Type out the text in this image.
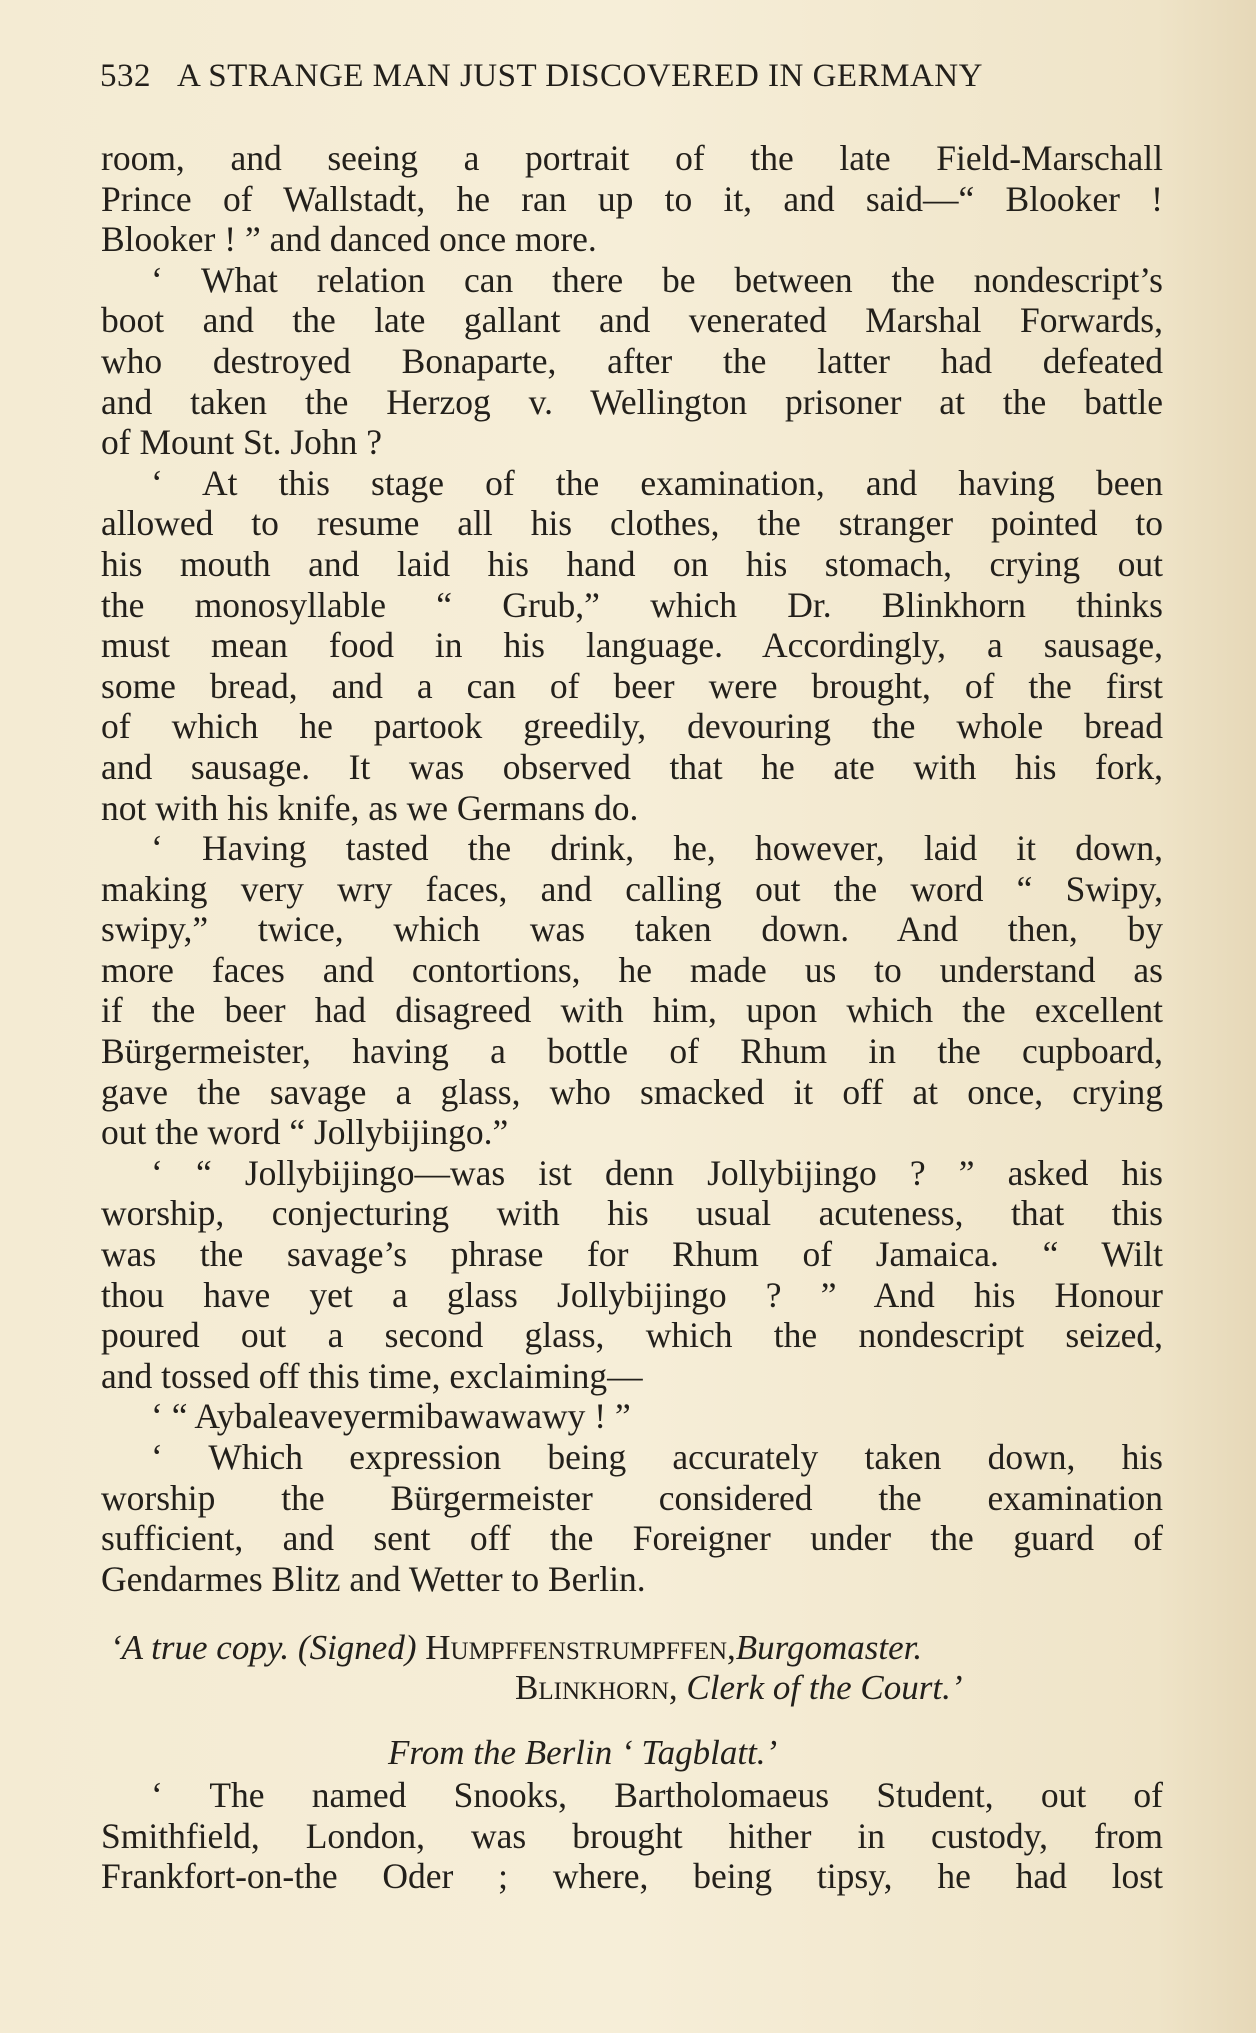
532 A STRANGE MAN JUST DISCOVERED IN GERMANY
room, and seeing a portrait of the late Field-Marschall
Prince of Wallstadt, he ran up to it, and said—“ Blooker !
Blooker ! ” and danced once more.
‘ What relation can there be between the nondescript’s
boot and the late gallant and venerated Marshal Forwards,
who destroyed Bonaparte, after the latter had defeated
and taken the Herzog v. Wellington prisoner at the battle
of Mount St. John ?
‘ At this stage of the examination, and having been
allowed to resume all his clothes, the stranger pointed to
his mouth and laid his hand on his stomach, crying out
the monosyllable “ Grub,” which Dr. Blinkhorn thinks
must mean food in his language. Accordingly, a sausage,
some bread, and a can of beer were brought, of the first
of which he partook greedily, devouring the whole bread
and sausage. It was observed that he ate with his fork,
not with his knife, as we Germans do.
‘ Having tasted the drink, he, however, laid it down,
making very wry faces, and calling out the word “ Swipy,
swipy,” twice, which was taken down. And then, by
more faces and contortions, he made us to understand as
if the beer had disagreed with him, upon which the excellent
Bürgermeister, having a bottle of Rhum in the cupboard,
gave the savage a glass, who smacked it off at once, crying
out the word “ Jollybijingo.”
‘ “ Jollybijingo—was ist denn Jollybijingo ? ” asked his
worship, conjecturing with his usual acuteness, that this
was the savage’s phrase for Rhum of Jamaica. “ Wilt
thou have yet a glass Jollybijingo ? ” And his Honour
poured out a second glass, which the nondescript seized,
and tossed off this time, exclaiming—
‘ “ Aybaleaveyermibawawawy ! ”
‘ Which expression being accurately taken down, his
worship the Bürgermeister considered the examination
sufficient, and sent off the Foreigner under the guard of
Gendarmes Blitz and Wetter to Berlin.
‘A true copy. (Signed) Humpffenstrumpffen,Burgomaster.
Blinkhorn, Clerk of the Court.’
From the Berlin ‘ Tagblatt.’
‘ The named Snooks, Bartholomaeus Student, out of
Smithfield, London, was brought hither in custody, from
Frankfort-on-the Oder ; where, being tipsy, he had lost
